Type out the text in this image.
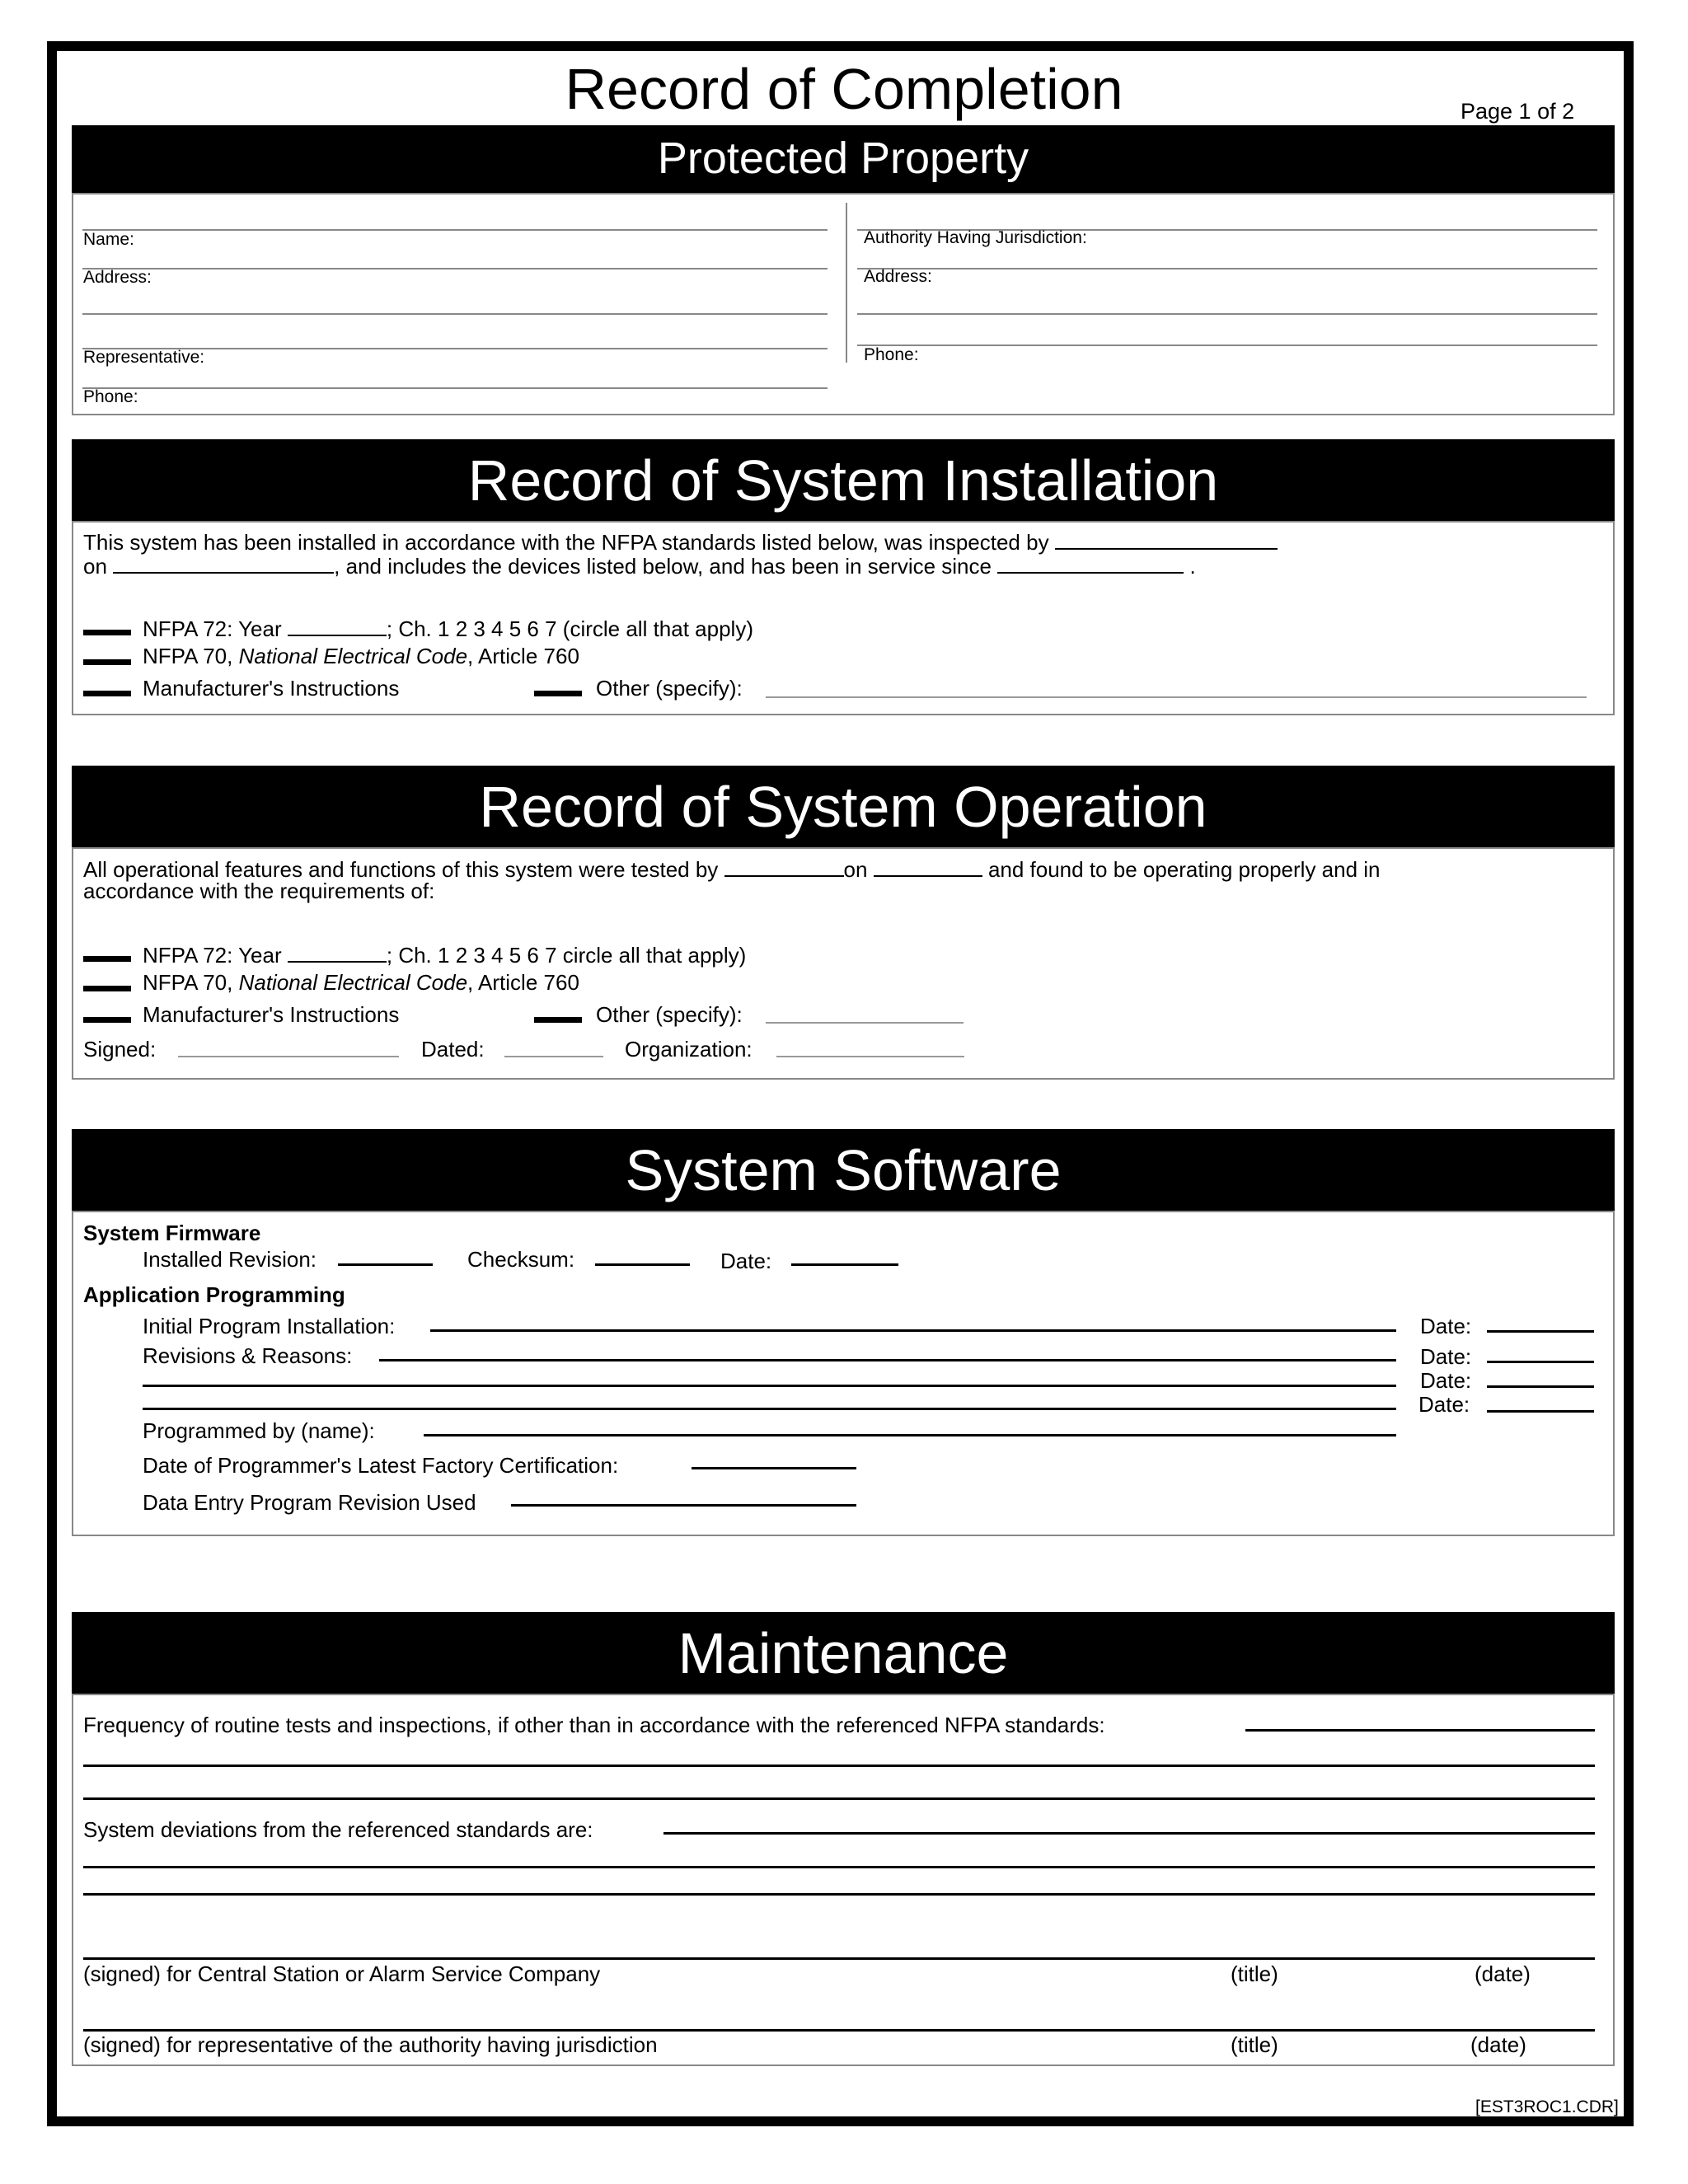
Record of Completion	Page 1 of 2
Protected Property
Name:
Address:
Representative:
Phone:
Authority Having Jurisdiction:
Address:
Phone:
Record of System Installation
This system has been installed in accordance with the NFPA standards listed below, was inspected by
on	, and includes the devices listed below, and has been in service since	.
NFPA 72: Year	; Ch. 1 2 3 4 5 6 7 (circle all that apply)
NFPA 70, National Electrical Code, Article 760
Manufacturer's Instructions	Other (specify):
Record of System Operation
All operational features and functions of this system were tested by	on	and found to be operating properly and in
accordance with the requirements of:
NFPA 72: Year	; Ch. 1 2 3 4 5 6 7 circle all that apply)
NFPA 70, National Electrical Code, Article 760
Manufacturer's Instructions	Other (specify):
Signed:	Dated:	Organization:
System Software
System Firmware
Installed Revision:	Checksum:	Date:
Application Programming
Initial Program Installation:	Date:
Revisions & Reasons:	Date:
Date:
Date:
Programmed by (name):
Date of Programmer's Latest Factory Certification:
Data Entry Program Revision Used
Maintenance
Frequency of routine tests and inspections, if other than in accordance with the referenced NFPA standards:
System deviations from the referenced standards are:
(signed) for Central Station or Alarm Service Company	(title)	(date)
(signed) for representative of the authority having jurisdiction	(title)	(date)
[EST3ROC1.CDR]
